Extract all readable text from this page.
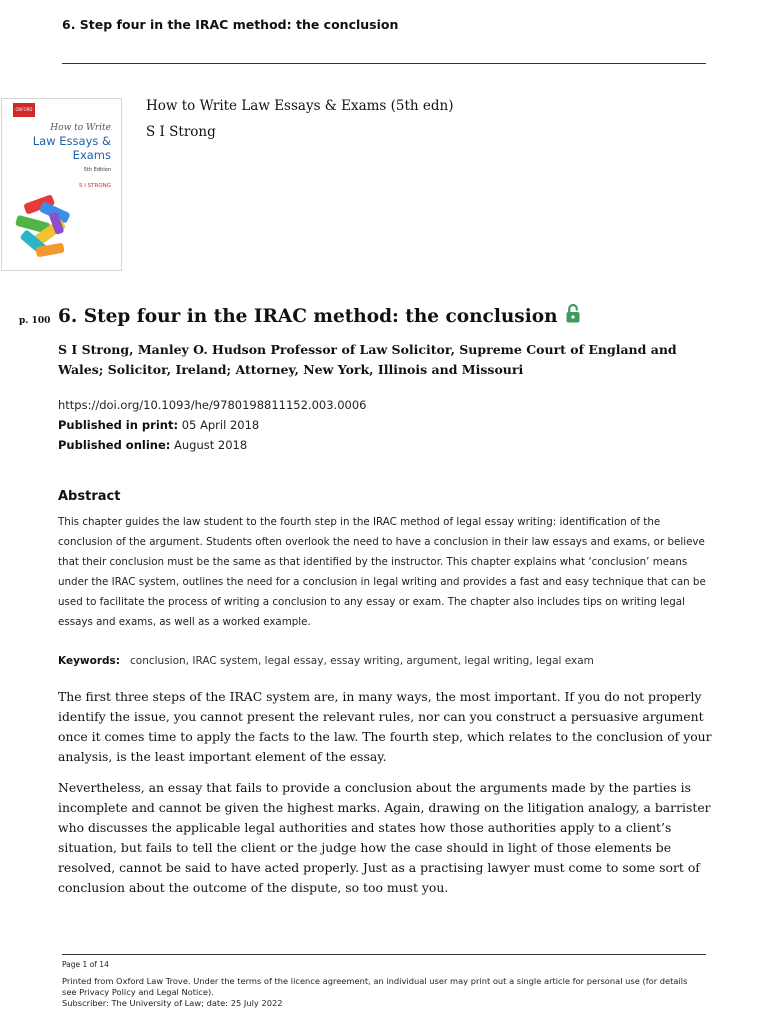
6. Step four in the IRAC method: the conclusion
OXFORD
How to Write
Law Essays & Exams
5th Edition
S I STRONG
How to Write Law Essays & Exams (5th edn)
S I Strong
p. 100 6. Step four in the IRAC method: the conclusion
S I Strong, Manley O. Hudson Professor of Law Solicitor, Supreme Court of England and Wales; Solicitor, Ireland; Attorney, New York, Illinois and Missouri
https://doi.org/10.1093/he/9780198811152.003.0006
Published in print: 05 April 2018
Published online: August 2018
Abstract
This chapter guides the law student to the fourth step in the IRAC method of legal essay writing: identification of the conclusion of the argument. Students often overlook the need to have a conclusion in their law essays and exams, or believe that their conclusion must be the same as that identified by the instructor. This chapter explains what ‘conclusion’ means under the IRAC system, outlines the need for a conclusion in legal writing and provides a fast and easy technique that can be used to facilitate the process of writing a conclusion to any essay or exam. The chapter also includes tips on writing legal essays and exams, as well as a worked example.
Keywords: conclusion, IRAC system, legal essay, essay writing, argument, legal writing, legal exam

The first three steps of the IRAC system are, in many ways, the most important. If you do not properly identify the issue, you cannot present the relevant rules, nor can you construct a persuasive argument once it comes time to apply the facts to the law. The fourth step, which relates to the conclusion of your analysis, is the least important element of the essay.

Nevertheless, an essay that fails to provide a conclusion about the arguments made by the parties is incomplete and cannot be given the highest marks. Again, drawing on the litigation analogy, a barrister who discusses the applicable legal authorities and states how those authorities apply to a client’s situation, but fails to tell the client or the judge how the case should in light of those elements be resolved, cannot be said to have acted properly. Just as a practising lawyer must come to some sort of conclusion about the outcome of the dispute, so too must you.

Page 1 of 14
Printed from Oxford Law Trove. Under the terms of the licence agreement, an individual user may print out a single article for personal use (for details see Privacy Policy and Legal Notice).
Subscriber: The University of Law; date: 25 July 2022
